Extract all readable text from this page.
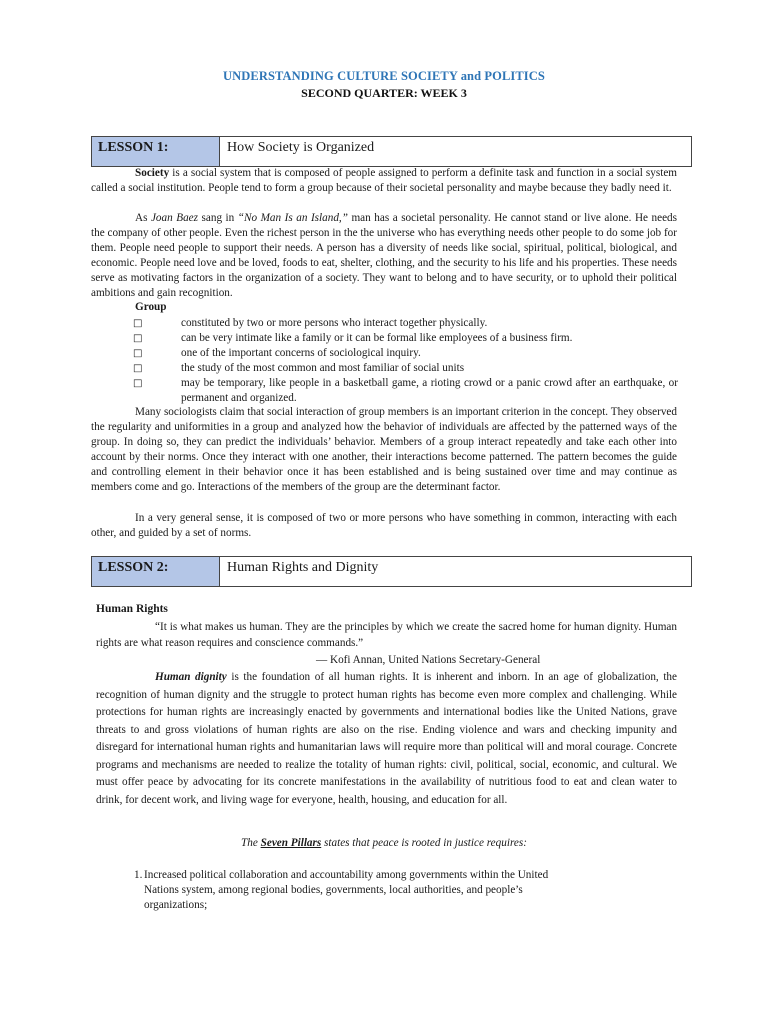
UNDERSTANDING CULTURE SOCIETY and POLITICS
SECOND QUARTER: WEEK 3
LESSON 1:	How Society is Organized

Society is a social system that is composed of people assigned to perform a definite task and function in a social system called a social institution. People tend to form a group because of their societal personality and maybe because they badly need it.

As Joan Baez sang in “No Man Is an Island,” man has a societal personality. He cannot stand or live alone. He needs the company of other people. Even the richest person in the the universe who has everything needs other people to do some job for them. People need people to support their needs. A person has a diversity of needs like social, spiritual, political, biological, and economic. People need love and be loved, foods to eat, shelter, clothing, and the security to his life and his properties. These needs serve as motivating factors in the organization of a society. They want to belong and to have security, or to uphold their political ambitions and gain recognition.

Group
□	constituted by two or more persons who interact together physically.
□	can be very intimate like a family or it can be formal like employees of a business firm.
□	one of the important concerns of sociological inquiry.
□	the study of the most common and most familiar of social units
□	may be temporary, like people in a basketball game, a rioting crowd or a panic crowd after an earthquake, or permanent and organized.

Many sociologists claim that social interaction of group members is an important criterion in the concept. They observed the regularity and uniformities in a group and analyzed how the behavior of individuals are affected by the patterned ways of the group. In doing so, they can predict the individuals’ behavior. Members of a group interact repeatedly and take each other into account by their norms. Once they interact with one another, their interactions become patterned. The pattern becomes the guide and controlling element in their behavior once it has been established and is being sustained over time and may continue as members come and go. Interactions of the members of the group are the determinant factor.

In a very general sense, it is composed of two or more persons who have something in common, interacting with each other, and guided by a set of norms.

LESSON 2:	Human Rights and Dignity
Human Rights

“It is what makes us human. They are the principles by which we create the sacred home for human dignity. Human rights are what reason requires and conscience commands.”

— Kofi Annan, United Nations Secretary-General

Human dignity is the foundation of all human rights. It is inherent and inborn. In an age of globalization, the recognition of human dignity and the struggle to protect human rights has become even more complex and challenging. While protections for human rights are increasingly enacted by governments and international bodies like the United Nations, grave threats to and gross violations of human rights are also on the rise. Ending violence and wars and checking impunity and disregard for international human rights and humanitarian laws will require more than political will and moral courage. Concrete programs and mechanisms are needed to realize the totality of human rights: civil, political, social, economic, and cultural. We must offer peace by advocating for its concrete manifestations in the availability of nutritious food to eat and clean water to drink, for decent work, and living wage for everyone, health, housing, and education for all.

The Seven Pillars states that peace is rooted in justice requires:
1. Increased political collaboration and accountability among governments within the United
Nations system, among regional bodies, governments, local authorities, and people’s
organizations;
